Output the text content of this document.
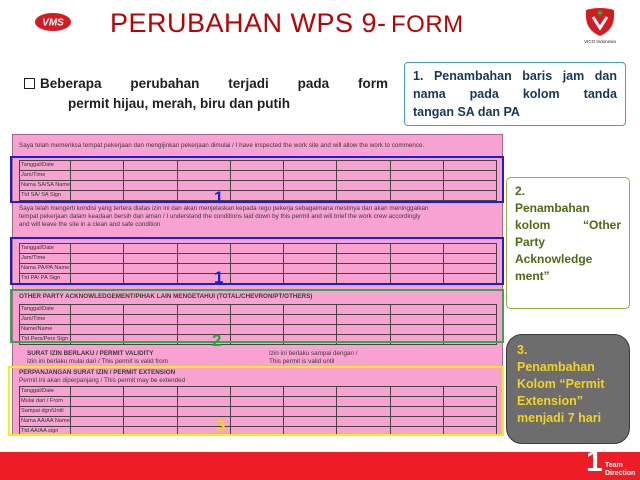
VMS PERUBAHAN WPS 9- FORM
VICO Indonesia
Beberapa perubahan terjadi pada form
permit hijau, merah, biru dan putih
1. Penambahan baris jam dan
nama pada kolom tanda
tangan SA dan PA
2.
Penambahan
kolom “Other
Party
Acknowledge
ment”
3.
Penambahan
Kolom “Permit
Extension”
menjadi 7 hari
Saya telah memeriksa tempat pekerjaan dan mengijinkan pekerjaan dimulai / I have inspected the work site and will allow the work to commence.
Tanggal/Date
Jam/Time
Nama SA/SA Name
Ttd SA/ SA Sign
Saya telah mengerti kondisi yang tertera diatas izin ini dan akan menjelaskan kepada regu pekerja sebagaimana mestinya dan akan meninggalkan
tempat pekerjaan dalam keadaan bersih dan aman / I understand the conditions laid down by this permit and will brief the work crew accordingly
and will leave the site in a clean and safe condition
Tanggal/Date
Jam/Time
Nama PA/PA Name
Ttd PA/ PA Sign
OTHER PARTY ACKNOWLEDGEMENT/PIHAK LAIN MENGETAHUI (TOTAL/CHEVRON/PT/OTHERS)
Tanggal/Date
Jam/Time
Name/Name
Ttd Pers/Pers Sign
SURAT IZIN BERLAKU / PERMIT VALIDITY
Izin ini berlaku mulai dari / This permit is valid from
Izin ini berlaku sampai dengan /
This permit is valid until
PERPANJANGAN SURAT IZIN / PERMIT EXTENSION
Permit ini akan diperpanjang / This permit may be extended
Tanggal/Date
Mulai dari / From
Sampai dgn/Until
Nama AA/AA Name
Ttd AA/AA sign
1
1
2
3
1 Team
Direction
